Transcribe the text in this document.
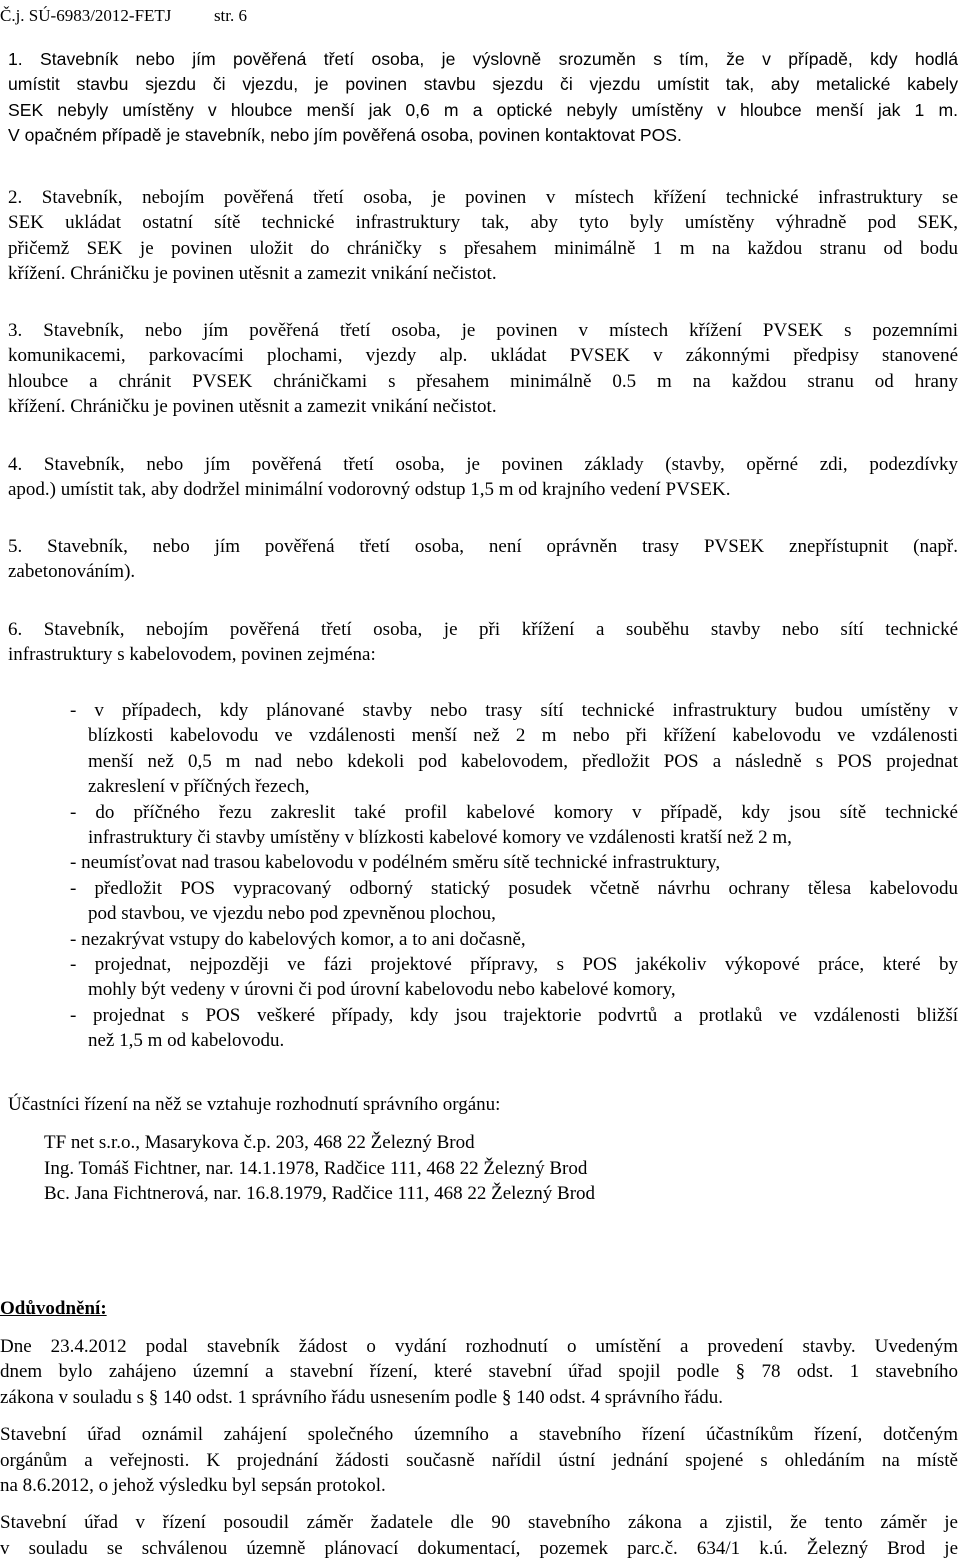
Č.j. SÚ-6983/2012-FETJ	str. 6
1. Stavebník nebo jím pověřená třetí osoba, je výslovně srozuměn s tím, že v případě, kdy hodlá
umístit stavbu sjezdu či vjezdu, je povinen stavbu sjezdu či vjezdu umístit tak, aby metalické kabely
SEK nebyly umístěny v hloubce menší jak 0,6 m a optické nebyly umístěny v hloubce menší jak 1 m.
V opačném případě je stavebník, nebo jím pověřená osoba, povinen kontaktovat POS.
2. Stavebník, nebojím pověřená třetí osoba, je povinen v místech křížení technické infrastruktury se
SEK ukládat ostatní sítě technické infrastruktury tak, aby tyto byly umístěny výhradně pod SEK,
přičemž SEK je povinen uložit do chráničky s přesahem minimálně 1 m na každou stranu od bodu
křížení. Chráničku je povinen utěsnit a zamezit vnikání nečistot.
3. Stavebník, nebo jím pověřená třetí osoba, je povinen v místech křížení PVSEK s pozemními
komunikacemi, parkovacími plochami, vjezdy alp. ukládat PVSEK v zákonnými předpisy stanovené
hloubce a chránit PVSEK chráničkami s přesahem minimálně 0.5 m na každou stranu od hrany
křížení. Chráničku je povinen utěsnit a zamezit vnikání nečistot.
4. Stavebník, nebo jím pověřená třetí osoba, je povinen základy (stavby, opěrné zdi, podezdívky
apod.) umístit tak, aby dodržel minimální vodorovný odstup 1,5 m od krajního vedení PVSEK.
5. Stavebník, nebo jím pověřená třetí osoba, není oprávněn trasy PVSEK znepřístupnit (např.
zabetonováním).
6. Stavebník, nebojím pověřená třetí osoba, je při křížení a souběhu stavby nebo sítí technické
infrastruktury s kabelovodem, povinen zejména:
- v případech, kdy plánované stavby nebo trasy sítí technické infrastruktury budou umístěny v
blízkosti kabelovodu ve vzdálenosti menší než 2 m nebo při křížení kabelovodu ve vzdálenosti
menší než 0,5 m nad nebo kdekoli pod kabelovodem, předložit POS a následně s POS projednat
zakreslení v příčných řezech,
- do příčného řezu zakreslit také profil kabelové komory v případě, kdy jsou sítě technické
infrastruktury či stavby umístěny v blízkosti kabelové komory ve vzdálenosti kratší než 2 m,
- neumísťovat nad trasou kabelovodu v podélném směru sítě technické infrastruktury,
- předložit POS vypracovaný odborný statický posudek včetně návrhu ochrany tělesa kabelovodu
pod stavbou, ve vjezdu nebo pod zpevněnou plochou,
- nezakrývat vstupy do kabelových komor, a to ani dočasně,
- projednat, nejpozději ve fázi projektové přípravy, s POS jakékoliv výkopové práce, které by
mohly být vedeny v úrovni či pod úrovní kabelovodu nebo kabelové komory,
- projednat s POS veškeré případy, kdy jsou trajektorie podvrtů a protlaků ve vzdálenosti bližší
než 1,5 m od kabelovodu.
Účastníci řízení na něž se vztahuje rozhodnutí správního orgánu:
TF net s.r.o., Masarykova č.p. 203, 468 22 Železný Brod
Ing. Tomáš Fichtner, nar. 14.1.1978, Radčice 111, 468 22 Železný Brod
Bc. Jana Fichtnerová, nar. 16.8.1979, Radčice 111, 468 22 Železný Brod
Odůvodnění:
Dne 23.4.2012 podal stavebník žádost o vydání rozhodnutí o umístění a provedení stavby. Uvedeným
dnem bylo zahájeno územní a stavební řízení, které stavební úřad spojil podle § 78 odst. 1 stavebního
zákona v souladu s § 140 odst. 1 správního řádu usnesením podle § 140 odst. 4 správního řádu.
Stavební úřad oznámil zahájení společného územního a stavebního řízení účastníkům řízení, dotčeným
orgánům a veřejnosti. K projednání žádosti současně nařídil ústní jednání spojené s ohledáním na místě
na 8.6.2012, o jehož výsledku byl sepsán protokol.
Stavební úřad v řízení posoudil záměr žadatele dle 90 stavebního zákona a zjistil, že tento záměr je
v souladu se schválenou územně plánovací dokumentací, pozemek parc.č. 634/1 k.ú. Železný Brod je
